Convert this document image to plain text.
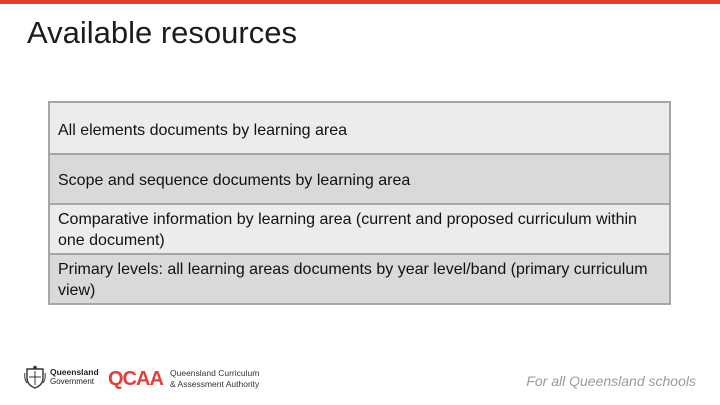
Available resources
All elements documents by learning area
Scope and sequence documents by learning area
Comparative information by learning area (current and proposed curriculum within one document)
Primary levels: all learning areas documents by year level/band (primary curriculum view)
Queensland
Government QCAA Queensland Curriculum
& Assessment Authority	For all Queensland schools
